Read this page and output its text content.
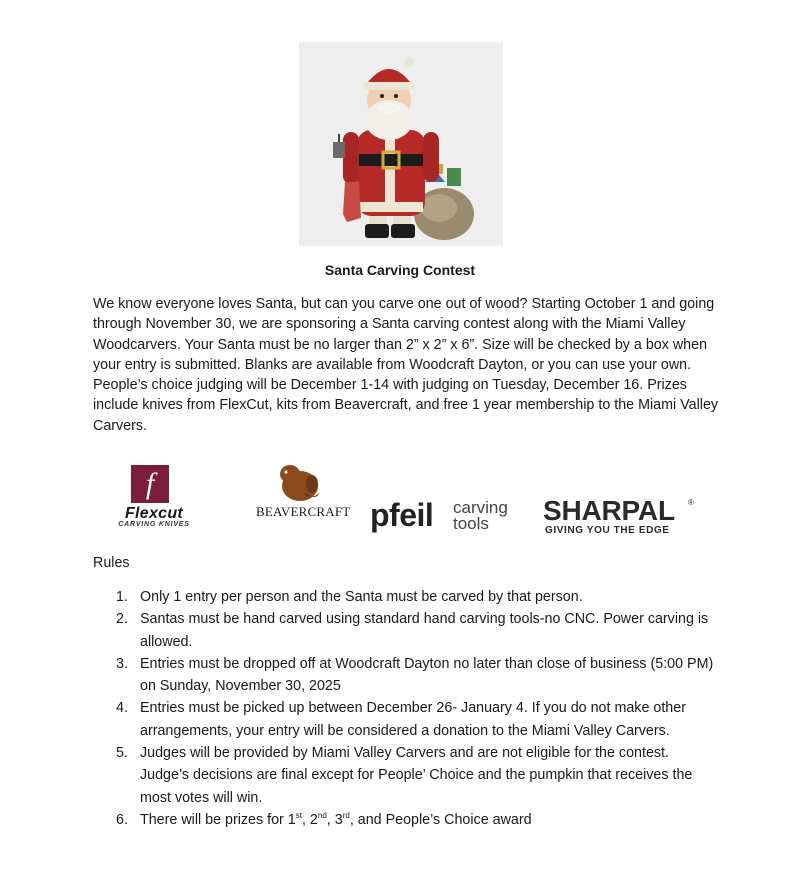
Santa Carving Contest

We know everyone loves Santa, but can you carve one out of wood? Starting October 1 and going through November 30, we are sponsoring a Santa carving contest along with the Miami Valley Woodcarvers. Your Santa must be no larger than 2” x 2” x 6”. Size will be checked by a box when your entry is submitted. Blanks are available from Woodcraft Dayton, or you can use your own. People’s choice judging will be December 1-14 with judging on Tuesday, December 16. Prizes include knives from FlexCut, kits from Beavercraft, and free 1 year membership to the Miami Valley Carvers.

f
Flexcut
CARVING KNIVES
BEAVERCRAFT pfeil carving
tools SHARPAL ®
GIVING YOU THE EDGE
Rules
1. Only 1 entry per person and the Santa must be carved by that person.
2. Santas must be hand carved using standard hand carving tools-no CNC. Power carving is allowed.
3. Entries must be dropped off at Woodcraft Dayton no later than close of business (5:00 PM) on Sunday, November 30, 2025
4. Entries must be picked up between December 26- January 4. If you do not make other arrangements, your entry will be considered a donation to the Miami Valley Carvers.
5. Judges will be provided by Miami Valley Carvers and are not eligible for the contest. Judge’s decisions are final except for People’ Choice and the pumpkin that receives the most votes will win.
6. There will be prizes for 1st, 2nd, 3rd, and People’s Choice award
